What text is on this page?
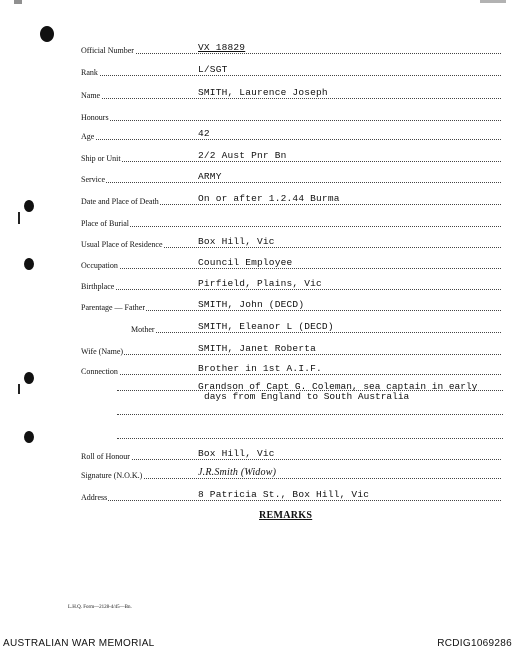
Official Number	VX 18829
Rank	L/SGT
Name	SMITH, Laurence Joseph
Honours
Age	42
Ship or Unit	2/2 Aust Pnr Bn
Service	ARMY
Date and Place of Death	On or after 1.2.44 Burma
Place of Burial
Usual Place of Residence	Box Hill, Vic
Occupation	Council Employee
Birthplace	Pirfield, Plains, Vic
Parentage — Father	SMITH, John (DECD)
Mother	SMITH, Eleanor L (DECD)
Wife (Name)	SMITH, Janet Roberta
Connection	Brother in 1st A.I.F.
Grandson of Capt G. Coleman, sea captain in early
days from England to South Australia
Roll of Honour	Box Hill, Vic
Signature (N.O.K.)	J.R.Smith (Widow)
Address	8 Patricia St., Box Hill, Vic
REMARKS
L.H.Q. Form—2128-4/45—Bn.
AUSTRALIAN WAR MEMORIAL	RCDIG1069286
